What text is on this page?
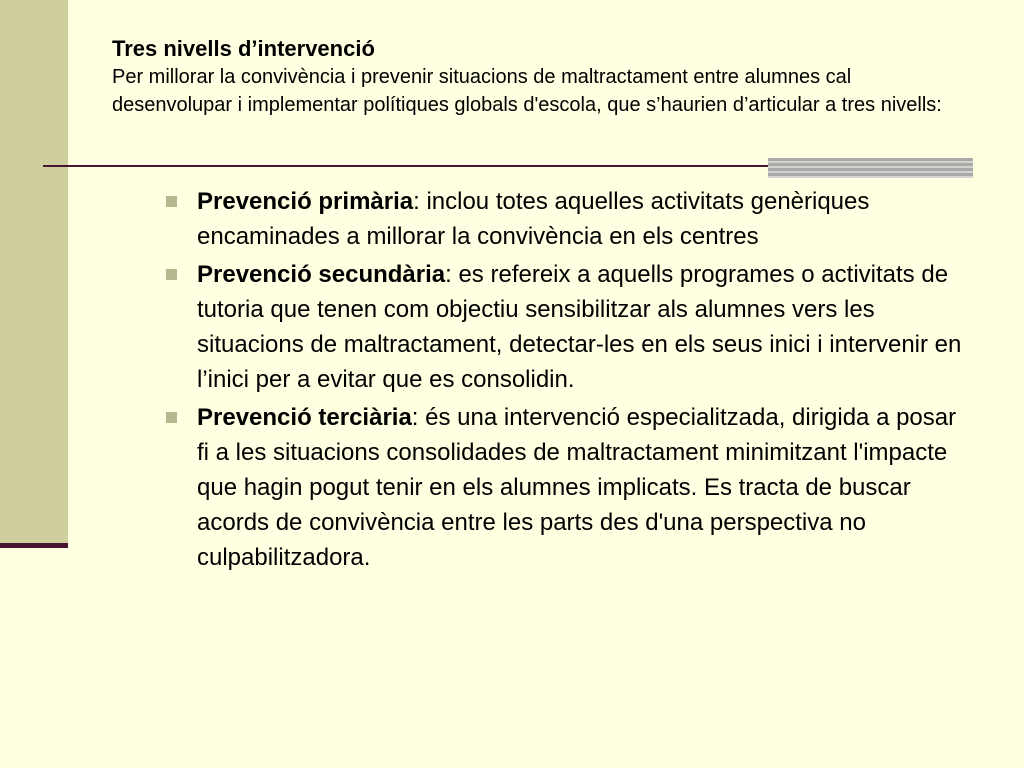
Tres nivells d’intervenció

Per millorar la convivència i prevenir situacions de maltractament entre alumnes cal desenvolupar i implementar polítiques globals d'escola, que s’haurien d’articular a tres nivells:

Prevenció primària: inclou totes aquelles activitats genèriques encaminades a millorar la convivència en els centres
Prevenció secundària: es refereix a aquells programes o activitats de tutoria que tenen com objectiu sensibilitzar als alumnes vers les situacions de maltractament, detectar-les en els seus inici i intervenir en l’inici per a evitar que es consolidin.
Prevenció terciària: és una intervenció especialitzada, dirigida a posar fi a les situacions consolidades de maltractament minimitzant l'impacte que hagin pogut tenir en els alumnes implicats. Es tracta de buscar acords de convivència entre les parts des d'una perspectiva no culpabilitzadora.
